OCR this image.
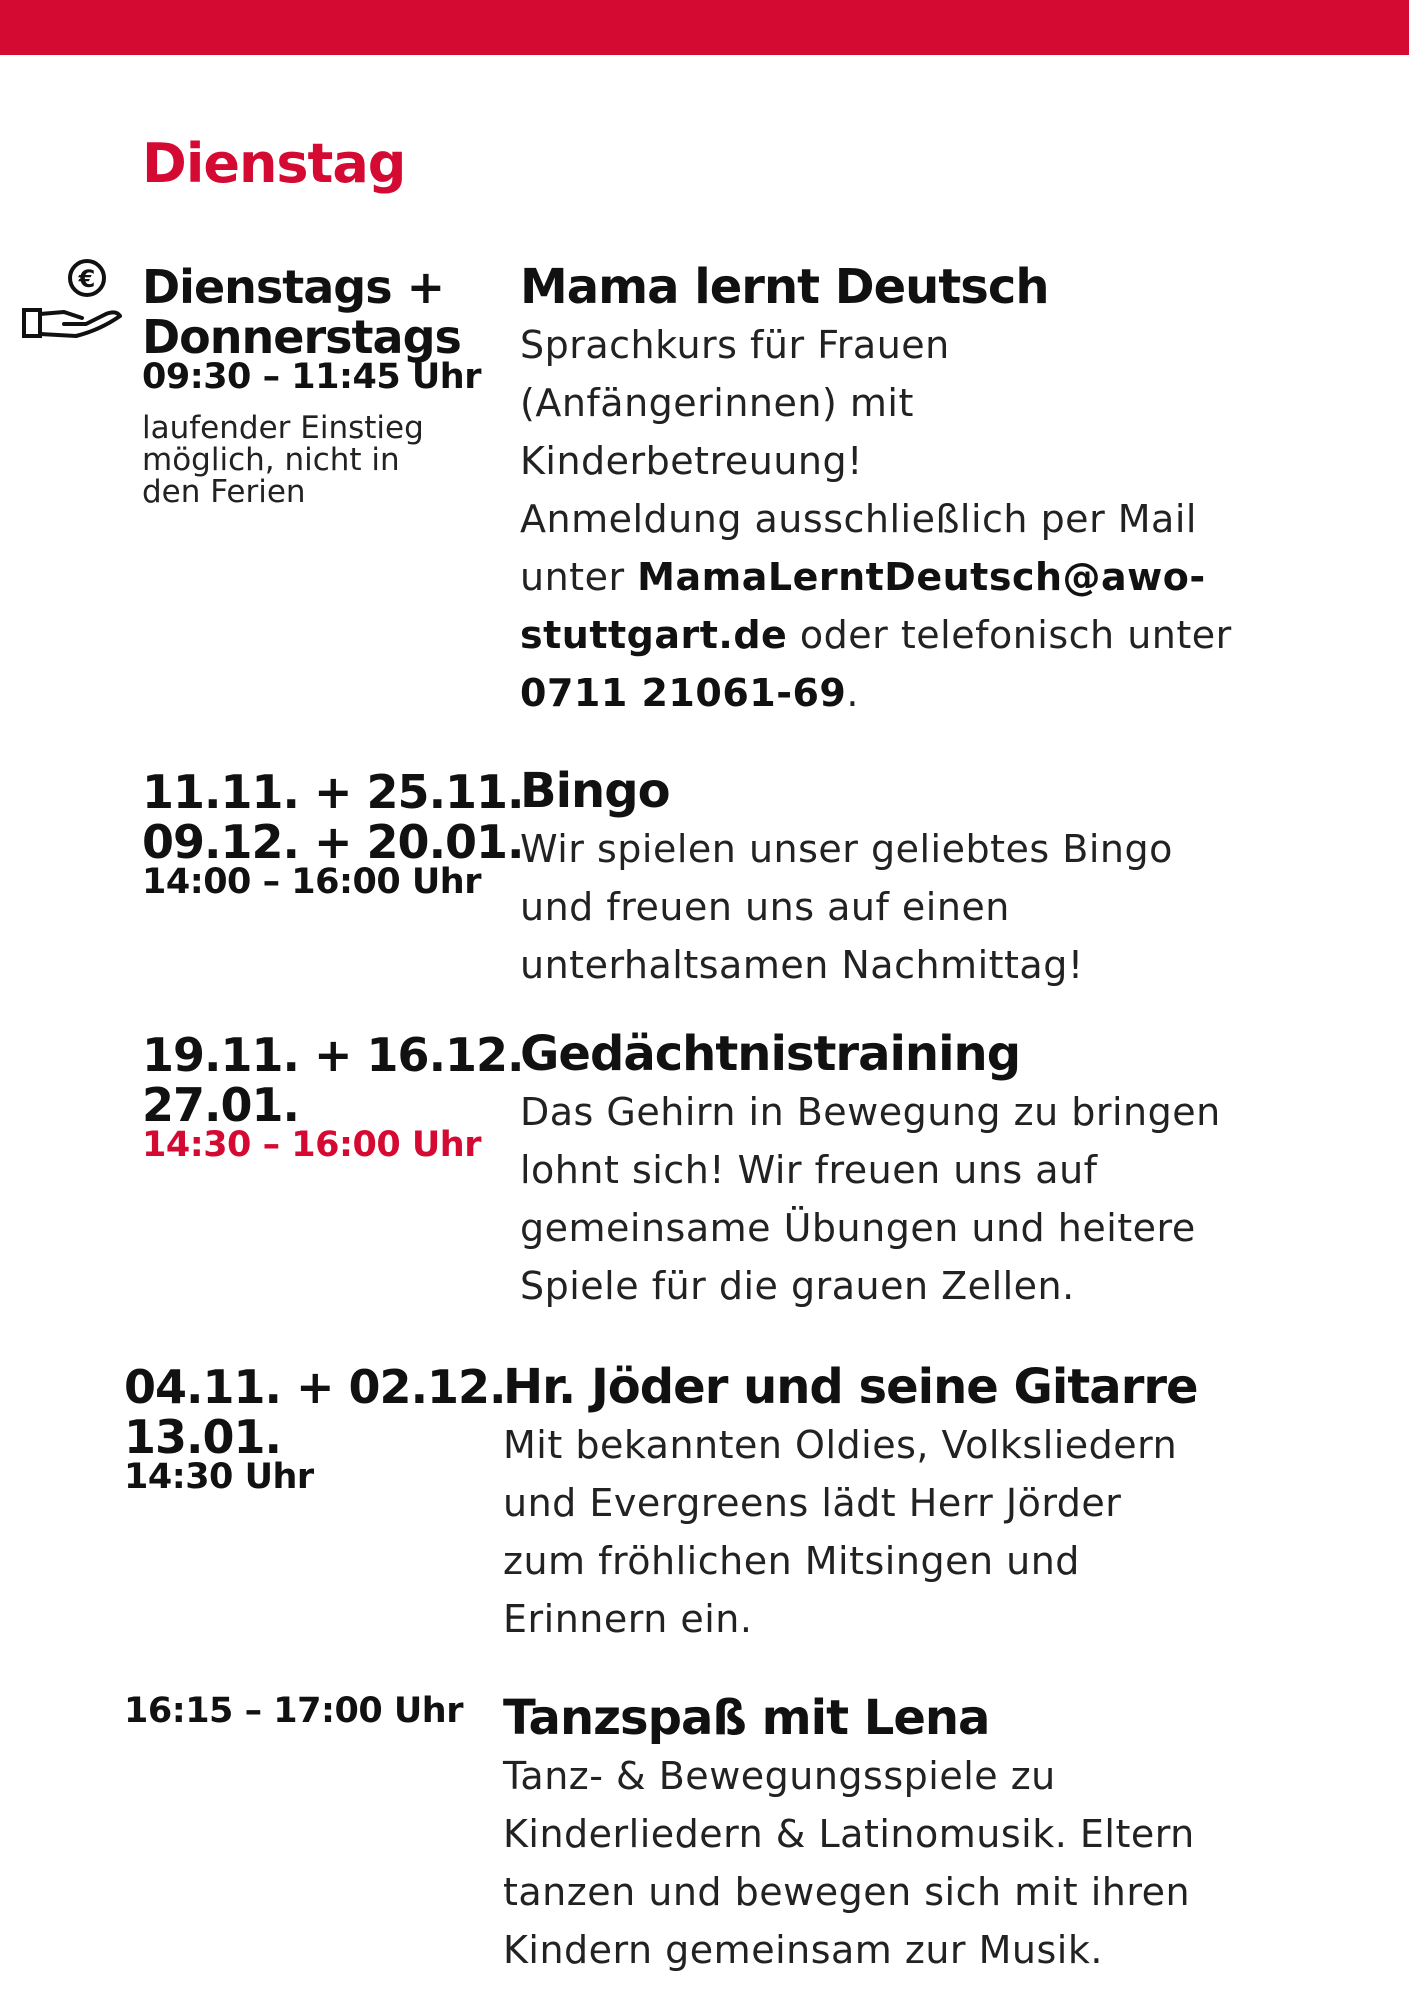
Dienstag
€ Dienstags +
Donnerstags
09:30 – 11:45 Uhr
laufender Einstieg
möglich, nicht in
den Ferien
Mama lernt Deutsch
Sprachkurs für Frauen
(Anfängerinnen) mit
Kinderbetreuung!
Anmeldung ausschließlich per Mail
unter MamaLerntDeutsch@awo-
stuttgart.de oder telefonisch unter
0711 21061-69.
11.11. + 25.11.
09.12. + 20.01.
14:00 – 16:00 Uhr
Bingo
Wir spielen unser geliebtes Bingo
und freuen uns auf einen
unterhaltsamen Nachmittag!
19.11. + 16.12.
27.01.
14:30 – 16:00 Uhr
Gedächtnistraining
Das Gehirn in Bewegung zu bringen
lohnt sich! Wir freuen uns auf
gemeinsame Übungen und heitere
Spiele für die grauen Zellen.
04.11. + 02.12.
13.01.
14:30 Uhr
Hr. Jöder und seine Gitarre
Mit bekannten Oldies, Volksliedern
und Evergreens lädt Herr Jörder
zum fröhlichen Mitsingen und
Erinnern ein.
16:15 – 17:00 Uhr Tanzspaß mit Lena
Tanz- & Bewegungsspiele zu
Kinderliedern & Latinomusik. Eltern
tanzen und bewegen sich mit ihren
Kindern gemeinsam zur Musik.
